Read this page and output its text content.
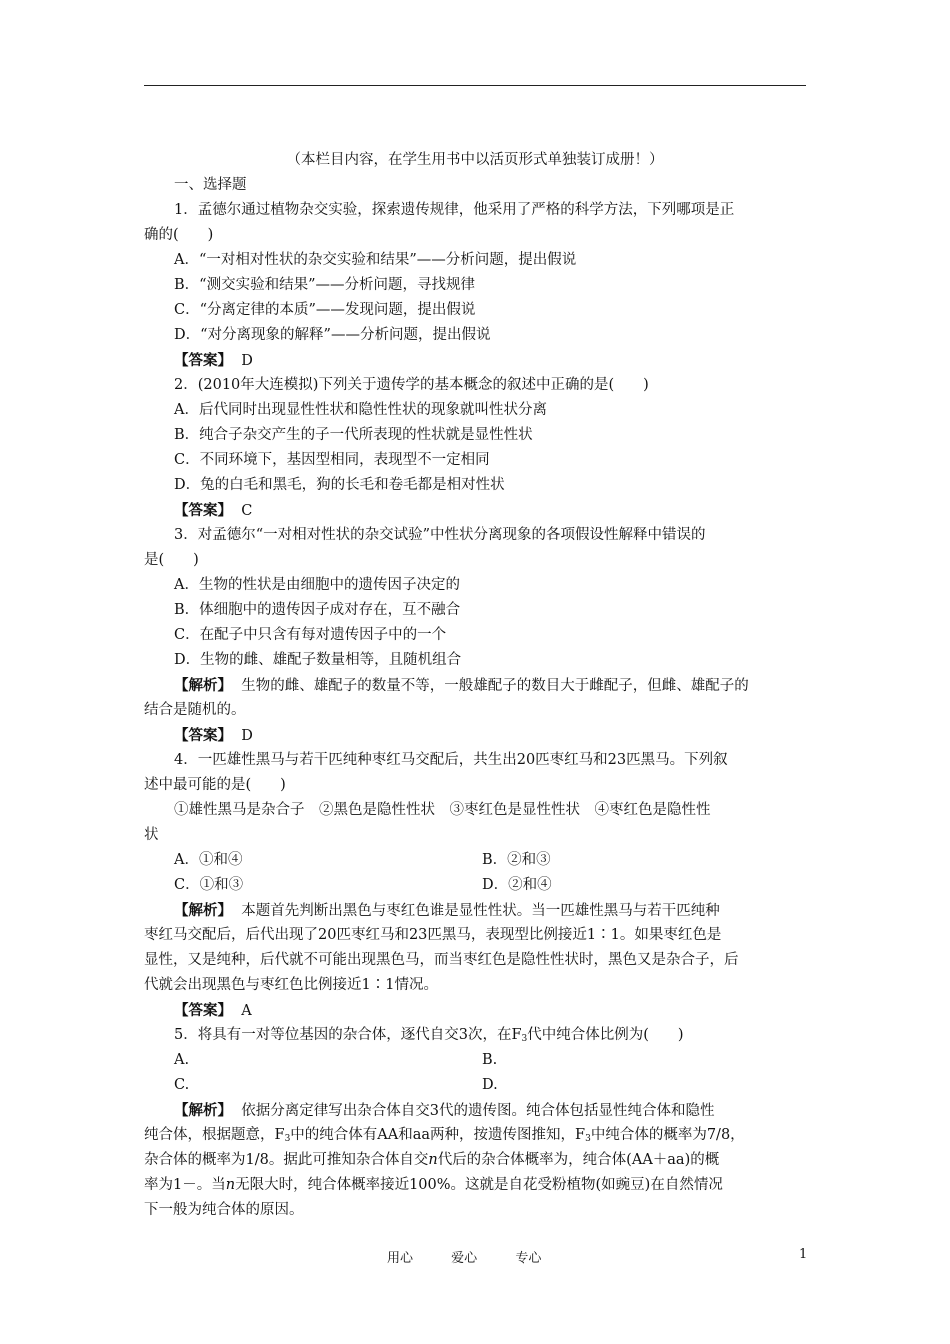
（本栏目内容，在学生用书中以活页形式单独装订成册！）
一、选择题
1．孟德尔通过植物杂交实验，探索遗传规律，他采用了严格的科学方法，下列哪项是正
确的(　　)
A．“一对相对性状的杂交实验和结果”——分析问题，提出假说
B．“测交实验和结果”——分析问题，寻找规律
C．“分离定律的本质”——发现问题，提出假说
D．“对分离现象的解释”——分析问题，提出假说
【答案】 D
2．(2010年大连模拟)下列关于遗传学的基本概念的叙述中正确的是(　　)
A．后代同时出现显性性状和隐性性状的现象就叫性状分离
B．纯合子杂交产生的子一代所表现的性状就是显性性状
C．不同环境下，基因型相同，表现型不一定相同
D．兔的白毛和黑毛，狗的长毛和卷毛都是相对性状
【答案】 C
3．对孟德尔“一对相对性状的杂交试验”中性状分离现象的各项假设性解释中错误的
是(　　)
A．生物的性状是由细胞中的遗传因子决定的
B．体细胞中的遗传因子成对存在，互不融合
C．在配子中只含有每对遗传因子中的一个
D．生物的雌、雄配子数量相等，且随机组合
【解析】 生物的雌、雄配子的数量不等，一般雄配子的数目大于雌配子，但雌、雄配子的
结合是随机的。
【答案】 D
4．一匹雄性黑马与若干匹纯种枣红马交配后，共生出20匹枣红马和23匹黑马。下列叙
述中最可能的是(　　)
①雄性黑马是杂合子　②黑色是隐性性状　③枣红色是显性性状　④枣红色是隐性性
状
A．①和④	B．②和③
C．①和③	D．②和④
【解析】 本题首先判断出黑色与枣红色谁是显性性状。当一匹雄性黑马与若干匹纯种
枣红马交配后，后代出现了20匹枣红马和23匹黑马，表现型比例接近1∶1。如果枣红色是
显性，又是纯种，后代就不可能出现黑色马，而当枣红色是隐性性状时，黑色又是杂合子，后
代就会出现黑色与枣红色比例接近1∶1情况。
【答案】 A
5．将具有一对等位基因的杂合体，逐代自交3次，在$F_3$代中纯合体比例为(　　)
A.	B.
C.	D.
【解析】 依据分离定律写出杂合体自交3代的遗传图。纯合体包括显性纯合体和隐性
纯合体，根据题意，$F_3$中的纯合体有AA和aa两种，按遗传图推知，$F_3$中纯合体的概率为7/8，
杂合体的概率为1/8。据此可推知杂合体自交n代后的杂合体概率为，纯合体(AA＋aa)的概
率为1－。当n无限大时，纯合体概率接近100%。这就是自花受粉植物(如豌豆)在自然情况
下一般为纯合体的原因。
用心	爱心	专心	1
